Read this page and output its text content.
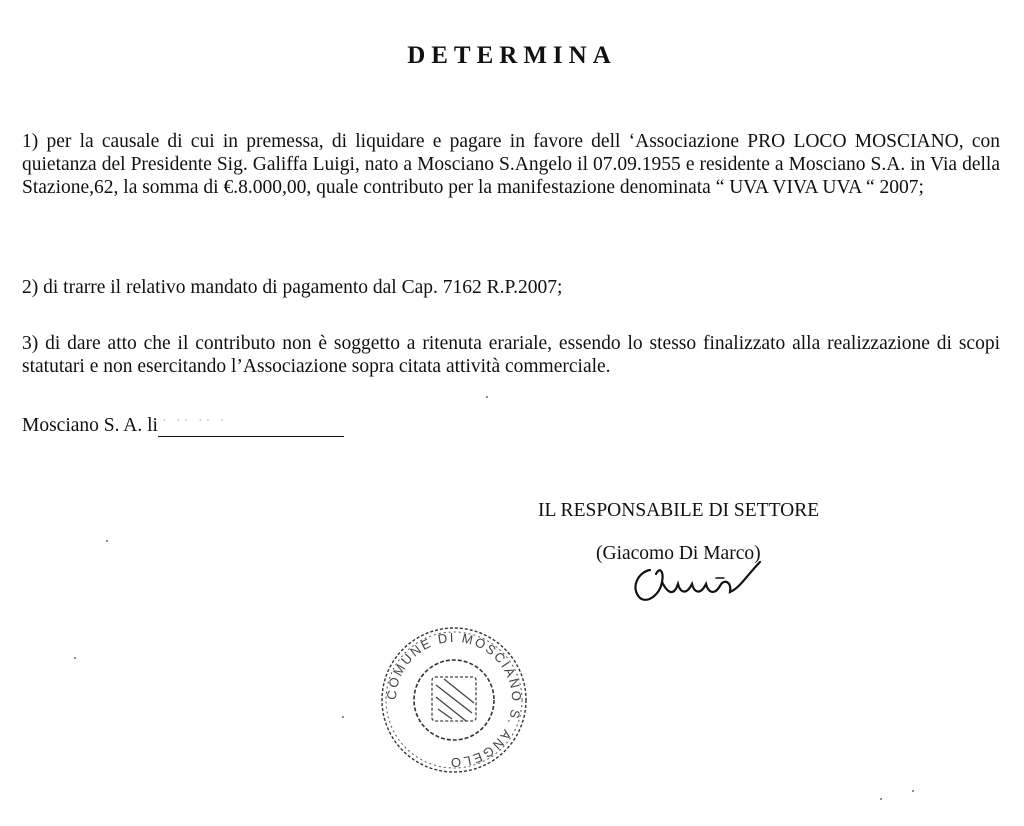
DETERMINA

1) per la causale di cui in premessa, di liquidare e pagare in favore dell ‘Associazione PRO LOCO MOSCIANO, con quietanza del Presidente Sig. Galiffa Luigi, nato a Mosciano S.Angelo il 07.09.1955 e residente a Mosciano S.A. in Via della Stazione,62, la somma di €.8.000,00, quale contributo per la manifestazione denominata “ UVA VIVA UVA “ 2007;

2) di trarre il relativo mandato di pagamento dal Cap. 7162 R.P.2007;

3) di dare atto che il contributo non è soggetto a ritenuta erariale, essendo lo stesso finalizzato alla realizzazione di scopi statutari e non esercitando l’Associazione sopra citata attività commerciale.

Mosciano S. A. li · ·· ·· ·
IL RESPONSABILE DI SETTORE
(Giacomo Di Marco)
COMUNE DI MOSCIANO S. ANGELO
